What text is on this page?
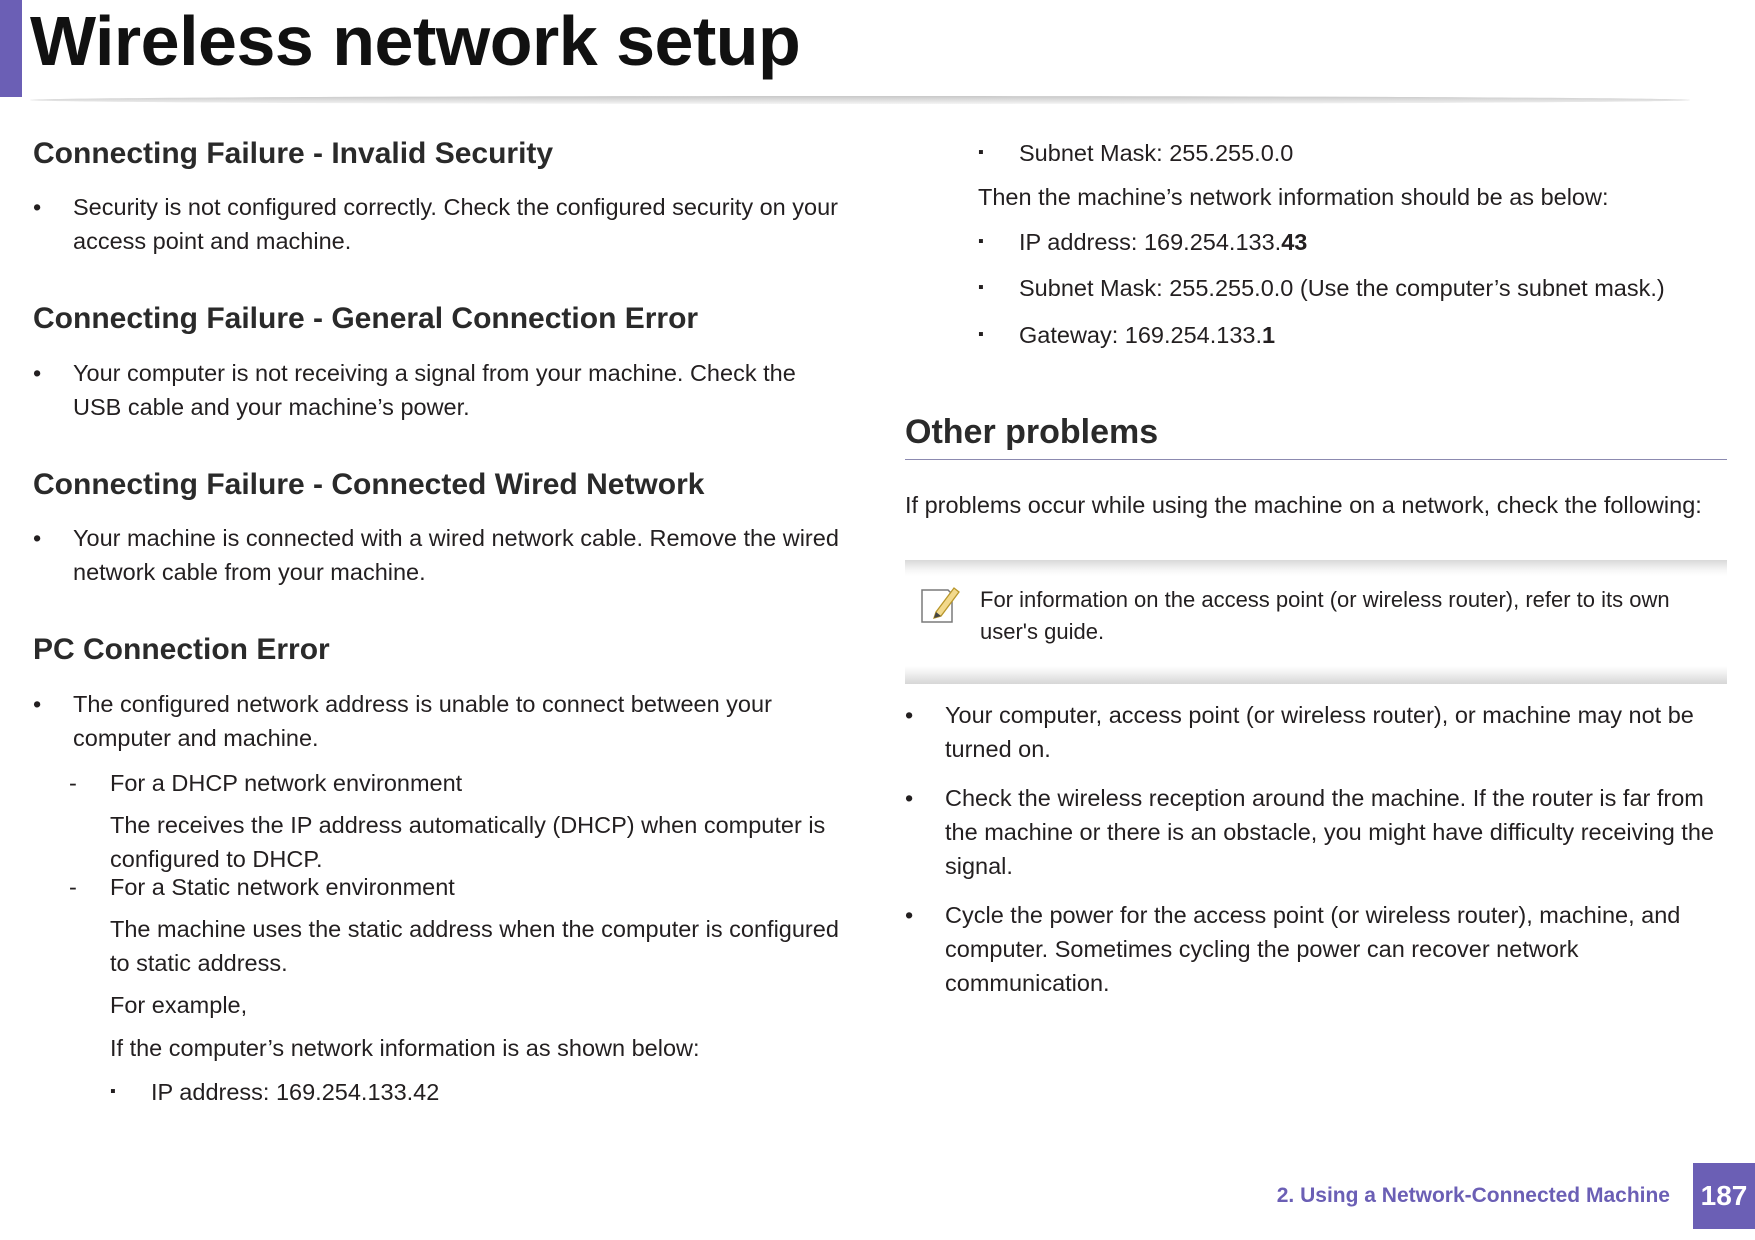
Wireless network setup
Connecting Failure - Invalid Security
•	Security is not configured correctly. Check the configured security on your access point and machine.
Connecting Failure - General Connection Error
•	Your computer is not receiving a signal from your machine. Check the USB cable and your machine’s power.
Connecting Failure - Connected Wired Network
•	Your machine is connected with a wired network cable. Remove the wired network cable from your machine.
PC Connection Error
•	The configured network address is unable to connect between your computer and machine.
-	For a DHCP network environment

The receives the IP address automatically (DHCP) when computer is configured to DHCP.

-	For a Static network environment

The machine uses the static address when the computer is configured to static address.

For example,

If the computer’s network information is as shown below:

▪	IP address: 169.254.133.42
▪	Subnet Mask: 255.255.0.0

Then the machine’s network information should be as below:

▪	IP address: 169.254.133.43
▪	Subnet Mask: 255.255.0.0 (Use the computer’s subnet mask.)
▪	Gateway: 169.254.133.1
Other problems

If problems occur while using the machine on a network, check the following:

For information on the access point (or wireless router), refer to its own user's guide.
•	Your computer, access point (or wireless router), or machine may not be turned on.
•	Check the wireless reception around the machine. If the router is far from the machine or there is an obstacle, you might have difficulty receiving the signal.
•	Cycle the power for the access point (or wireless router), machine, and computer. Sometimes cycling the power can recover network communication.
2. Using a Network-Connected Machine 187
